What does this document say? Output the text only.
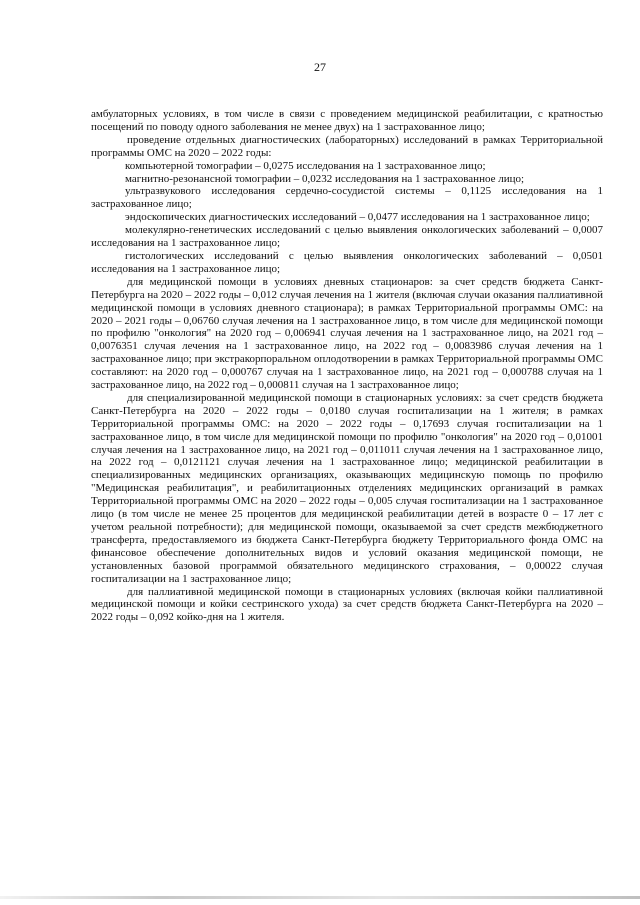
27

амбулаторных условиях, в том числе в связи с проведением медицинской реабилитации, с кратностью посещений по поводу одного заболевания не менее двух) на 1 застрахованное лицо;

проведение отдельных диагностических (лабораторных) исследований в рамках Территориальной программы ОМС на 2020 – 2022 годы:

компьютерной томографии – 0,0275 исследования на 1 застрахованное лицо;

магнитно-резонансной томографии – 0,0232 исследования на 1 застрахованное лицо;

ультразвукового исследования сердечно-сосудистой системы – 0,1125 исследования на 1 застрахованное лицо;

эндоскопических диагностических исследований – 0,0477 исследования на 1 застрахованное лицо;

молекулярно-генетических исследований с целью выявления онкологических заболеваний – 0,0007 исследования на 1 застрахованное лицо;

гистологических исследований с целью выявления онкологических заболеваний – 0,0501 исследования на 1 застрахованное лицо;

для медицинской помощи в условиях дневных стационаров: за счет средств бюджета Санкт-Петербурга на 2020 – 2022 годы – 0,012 случая лечения на 1 жителя (включая случаи оказания паллиативной медицинской помощи в условиях дневного стационара); в рамках Территориальной программы ОМС: на 2020 – 2021 годы – 0,06760 случая лечения на 1 застрахованное лицо, в том числе для медицинской помощи по профилю "онкология" на 2020 год – 0,006941 случая лечения на 1 застрахованное лицо, на 2021 год – 0,0076351 случая лечения на 1 застрахованное лицо, на 2022 год – 0,0083986 случая лечения на 1 застрахованное лицо; при экстракорпоральном оплодотворении в рамках Территориальной программы ОМС составляют: на 2020 год – 0,000767 случая на 1 застрахованное лицо, на 2021 год – 0,000788 случая на 1 застрахованное лицо, на 2022 год – 0,000811 случая на 1 застрахованное лицо;

для специализированной медицинской помощи в стационарных условиях: за счет средств бюджета Санкт-Петербурга на 2020 – 2022 годы – 0,0180 случая госпитализации на 1 жителя; в рамках Территориальной программы ОМС: на 2020 – 2022 годы – 0,17693 случая госпитализации на 1 застрахованное лицо, в том числе для медицинской помощи по профилю "онкология" на 2020 год – 0,01001 случая лечения на 1 застрахованное лицо, на 2021 год – 0,011011 случая лечения на 1 застрахованное лицо, на 2022 год – 0,0121121 случая лечения на 1 застрахованное лицо; медицинской реабилитации в специализированных медицинских организациях, оказывающих медицинскую помощь по профилю "Медицинская реабилитация", и реабилитационных отделениях медицинских организаций в рамках Территориальной программы ОМС на 2020 – 2022 годы – 0,005 случая госпитализации на 1 застрахованное лицо (в том числе не менее 25 процентов для медицинской реабилитации детей в возрасте 0 – 17 лет с учетом реальной потребности); для медицинской помощи, оказываемой за счет средств межбюджетного трансферта, предоставляемого из бюджета Санкт-Петербурга бюджету Территориального фонда ОМС на финансовое обеспечение дополнительных видов и условий оказания медицинской помощи, не установленных базовой программой обязательного медицинского страхования, – 0,00022 случая госпитализации на 1 застрахованное лицо;

для паллиативной медицинской помощи в стационарных условиях (включая койки паллиативной медицинской помощи и койки сестринского ухода) за счет средств бюджета Санкт-Петербурга на 2020 – 2022 годы – 0,092 койко-дня на 1 жителя.
